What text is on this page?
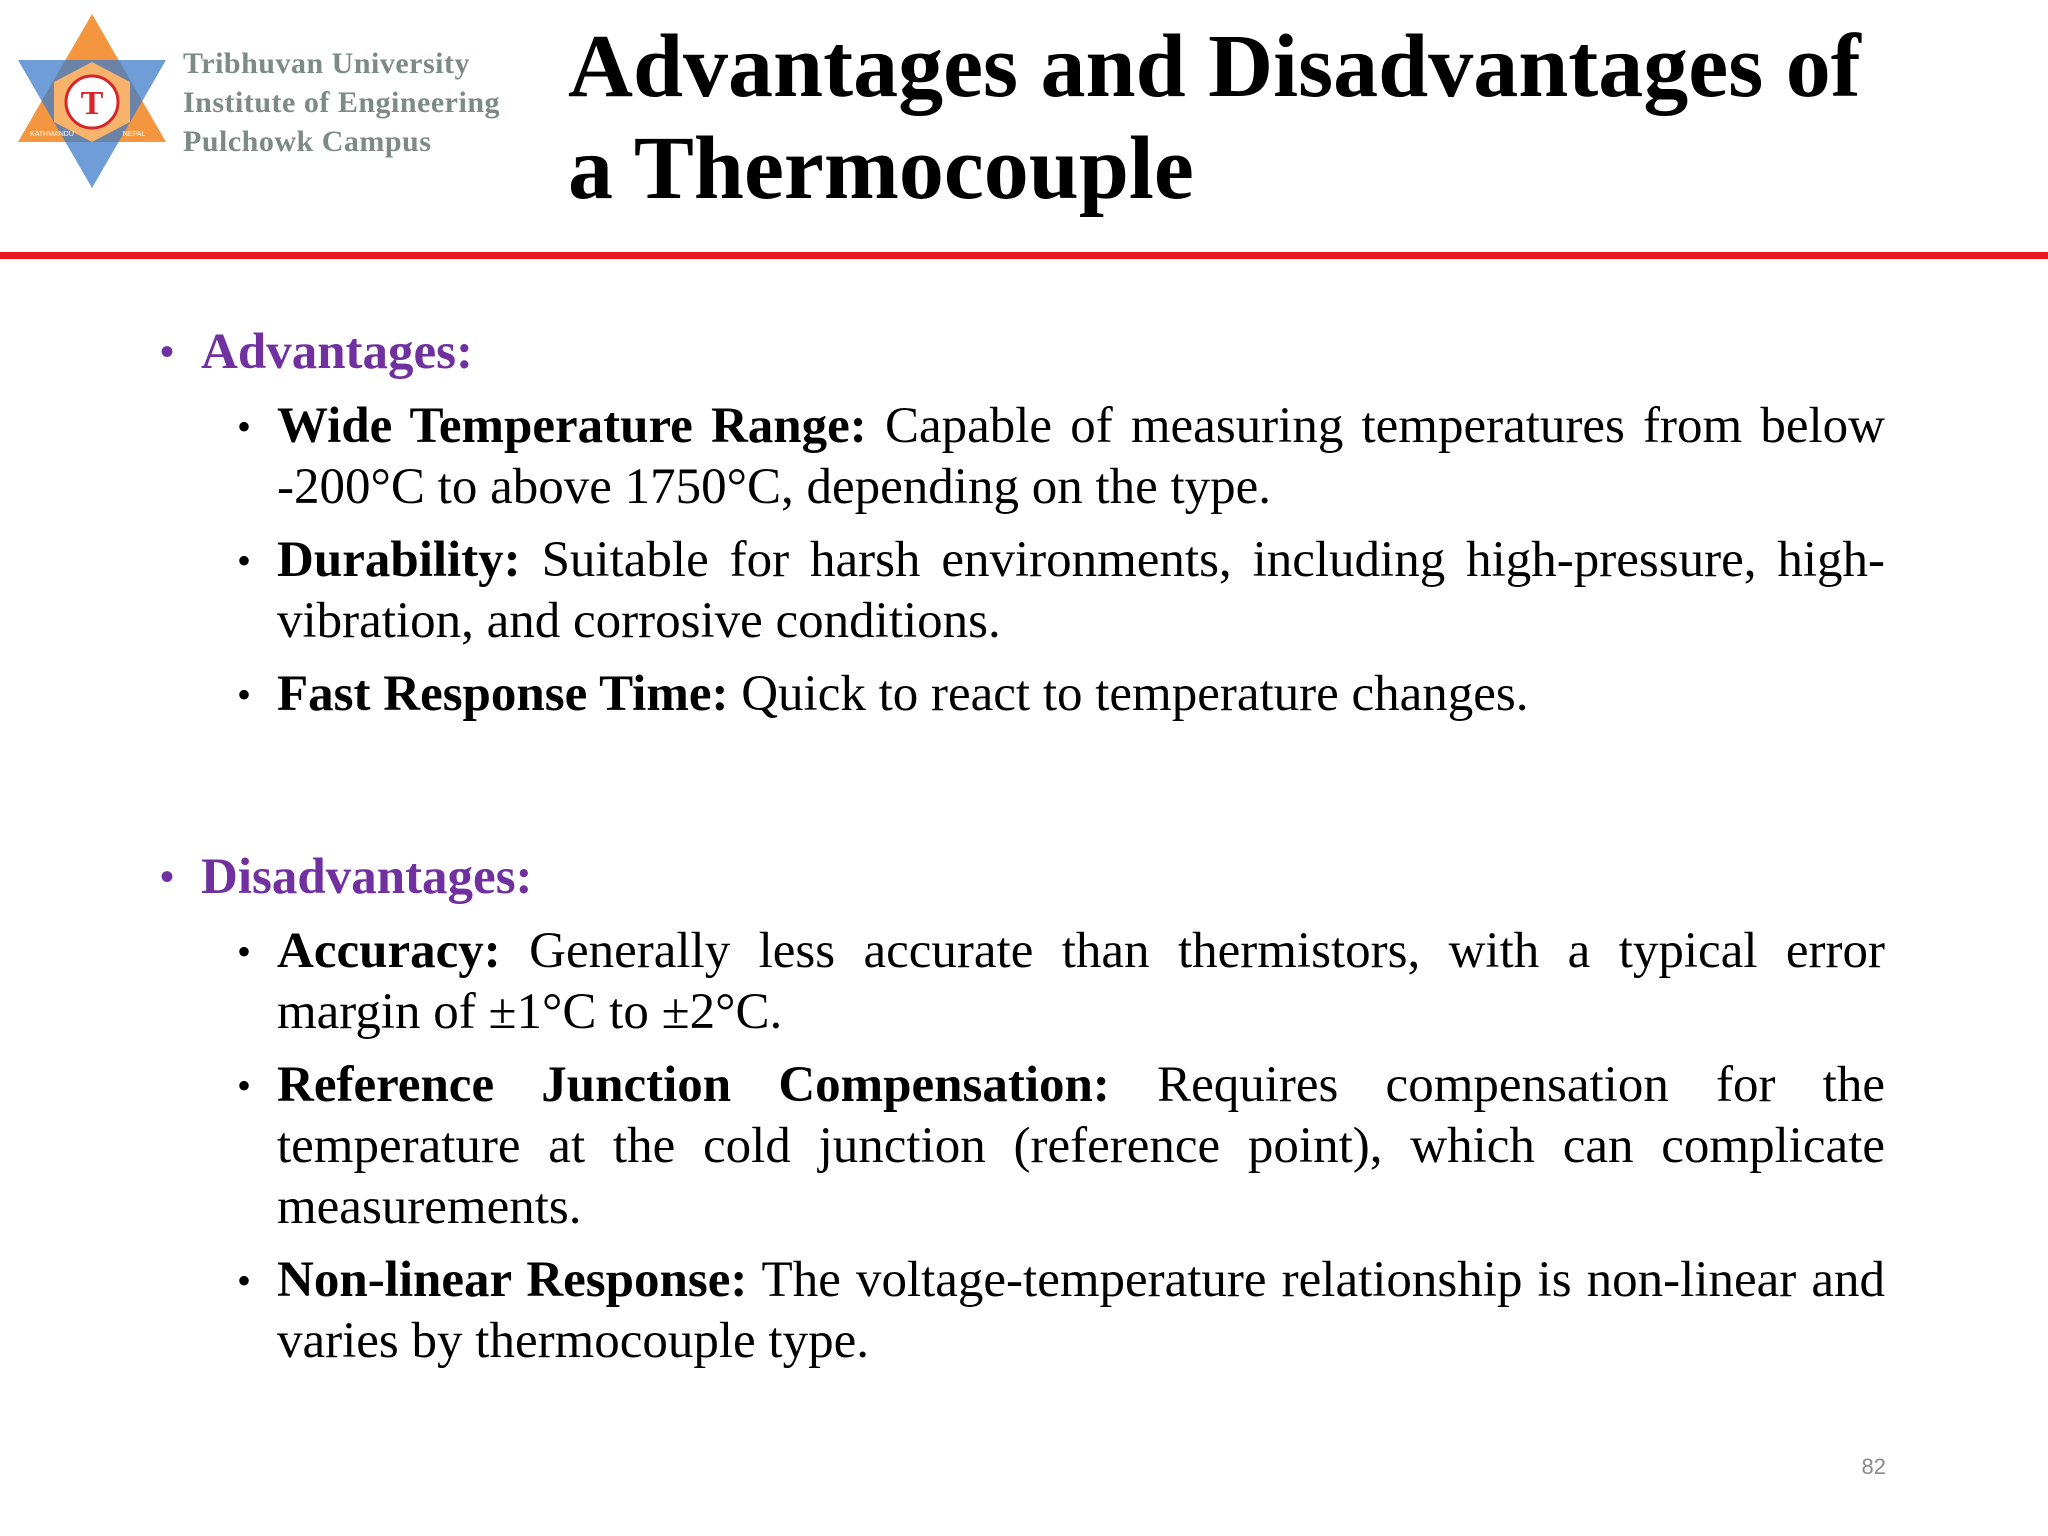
T
KATHMANDU	NEPAL
Tribhuvan University
Institute of Engineering
Pulchowk Campus
Advantages and Disadvantages of
a Thermocouple
• Advantages:
• Wide Temperature Range: Capable of measuring temperatures from below -200°C to above 1750°C, depending on the type.
• Durability: Suitable for harsh environments, including high-pressure, high-vibration, and corrosive conditions.
• Fast Response Time: Quick to react to temperature changes.
• Disadvantages:
• Accuracy: Generally less accurate than thermistors, with a typical error margin of ±1°C to ±2°C.
• Reference Junction Compensation: Requires compensation for the temperature at the cold junction (reference point), which can complicate measurements.
• Non-linear Response: The voltage-temperature relationship is non-linear and varies by thermocouple type.
82
